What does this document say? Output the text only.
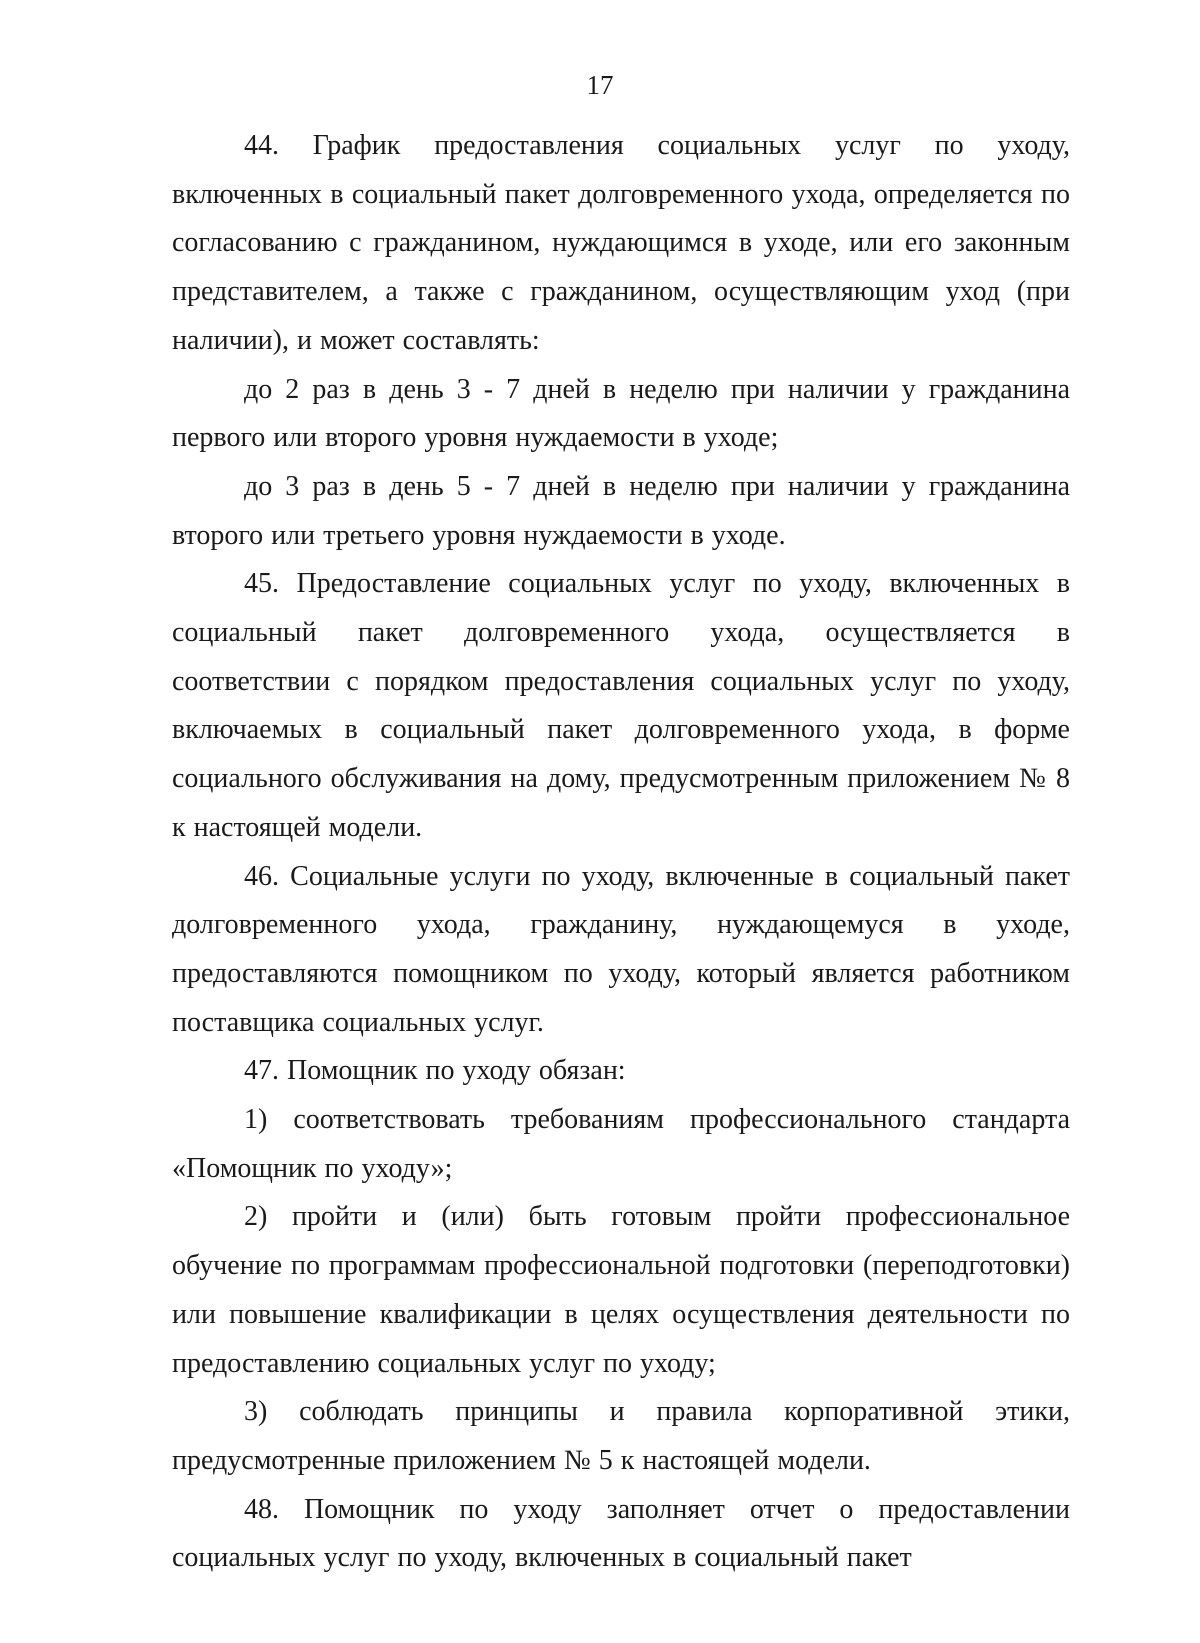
17

44. График предоставления социальных услуг по уходу, включенных в социальный пакет долговременного ухода, определяется по согласованию с гражданином, нуждающимся в уходе, или его законным представителем, а также с гражданином, осуществляющим уход (при наличии), и может составлять:

до 2 раз в день 3 - 7 дней в неделю при наличии у гражданина первого или второго уровня нуждаемости в уходе;

до 3 раз в день 5 - 7 дней в неделю при наличии у гражданина второго или третьего уровня нуждаемости в уходе.

45. Предоставление социальных услуг по уходу, включенных в социальный пакет долговременного ухода, осуществляется в соответствии с порядком предоставления социальных услуг по уходу, включаемых в социальный пакет долговременного ухода, в форме социального обслуживания на дому, предусмотренным приложением № 8 к настоящей модели.

46. Социальные услуги по уходу, включенные в социальный пакет долговременного ухода, гражданину, нуждающемуся в уходе, предоставляются помощником по уходу, который является работником поставщика социальных услуг.

47. Помощник по уходу обязан:

1) соответствовать требованиям профессионального стандарта «Помощник по уходу»;

2) пройти и (или) быть готовым пройти профессиональное обучение по программам профессиональной подготовки (переподготовки) или повышение квалификации в целях осуществления деятельности по предоставлению социальных услуг по уходу;

3) соблюдать принципы и правила корпоративной этики, предусмотренные приложением № 5 к настоящей модели.

48. Помощник по уходу заполняет отчет о предоставлении социальных услуг по уходу, включенных в социальный пакет
